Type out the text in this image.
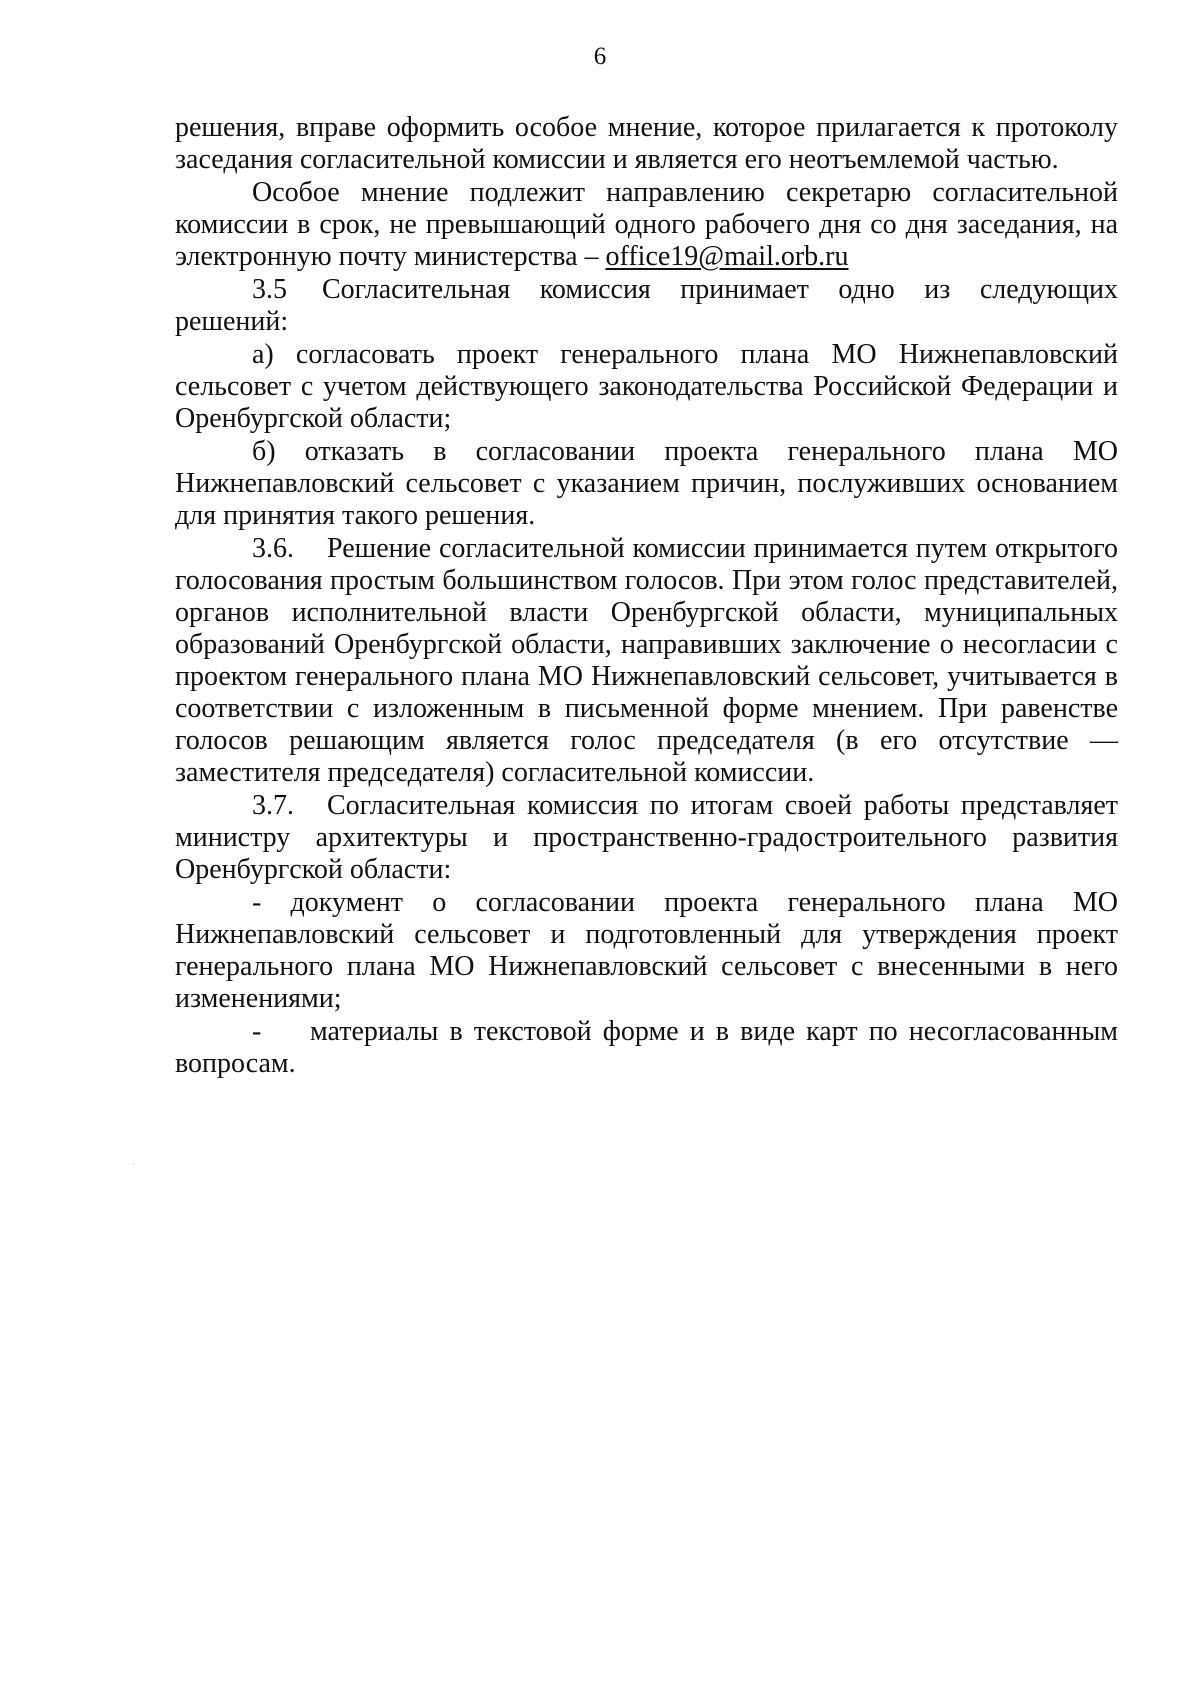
6

решения, вправе оформить особое мнение, которое прилагается к протоколу заседания согласительной комиссии и является его неотъемлемой частью.

Особое мнение подлежит направлению секретарю согласительной комиссии в срок, не превышающий одного рабочего дня со дня заседания, на электронную почту министерства – office19@mail.orb.ru

3.5 Согласительная комиссия принимает одно из следующих решений:

а) согласовать проект генерального плана МО Нижнепавловский сельсовет с учетом действующего законодательства Российской Федерации и Оренбургской области;

б) отказать в согласовании проекта генерального плана МО Нижнепавловский сельсовет с указанием причин, послуживших основанием для принятия такого решения.

3.6. Решение согласительной комиссии принимается путем открытого голосования простым большинством голосов. При этом голос представителей, органов исполнительной власти Оренбургской области, муниципальных образований Оренбургской области, направивших заключение о несогласии с проектом генерального плана МО Нижнепавловский сельсовет, учитывается в соответствии с изложенным в письменной форме мнением. При равенстве голосов решающим является голос председателя (в его отсутствие — заместителя председателя) согласительной комиссии.

3.7. Согласительная комиссия по итогам своей работы представляет министру архитектуры и пространственно-градостроительного развития Оренбургской области:

- документ о согласовании проекта генерального плана МО Нижнепавловский сельсовет и подготовленный для утверждения проект генерального плана МО Нижнепавловский сельсовет с внесенными в него изменениями;

- материалы в текстовой форме и в виде карт по несогласованным вопросам.
